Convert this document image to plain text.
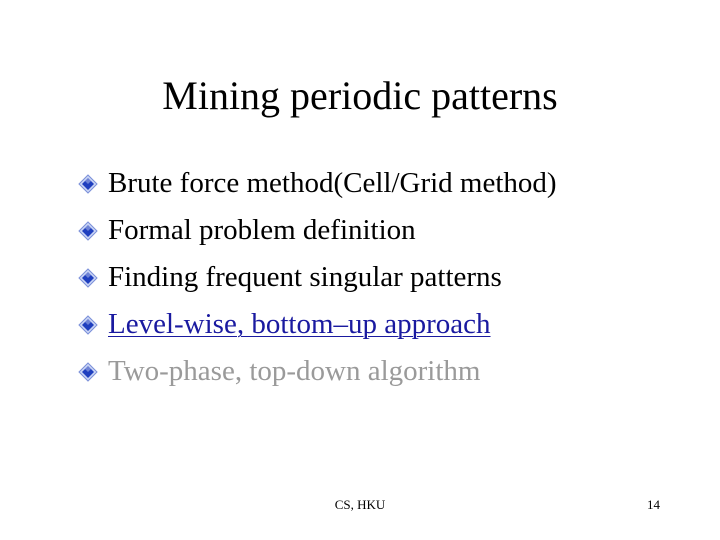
Mining periodic patterns
Brute force method(Cell/Grid method)
Formal problem definition
Finding frequent singular patterns
Level-wise, bottom–up approach
Two-phase, top-down algorithm
CS, HKU	14
